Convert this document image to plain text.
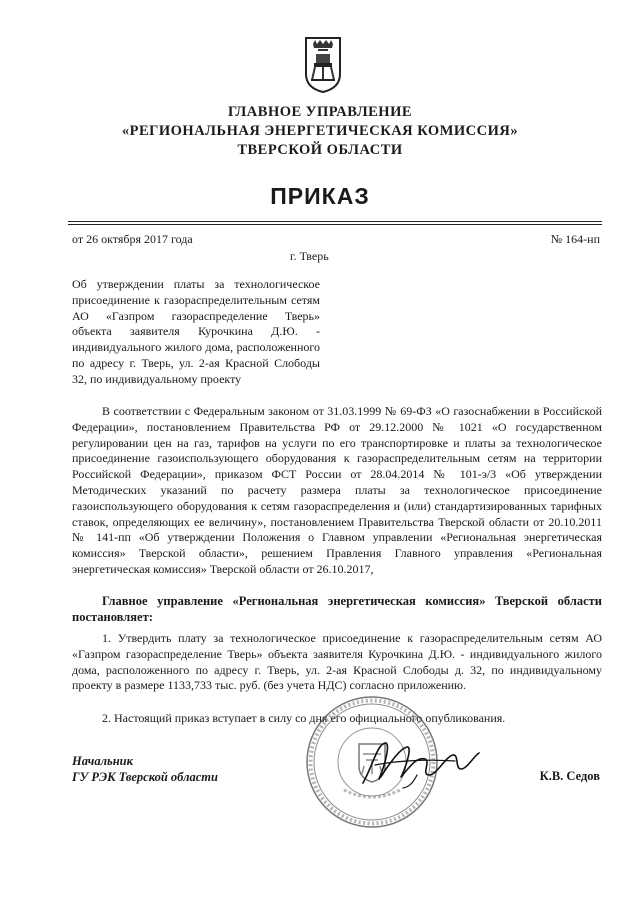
ГЛАВНОЕ УПРАВЛЕНИЕ
«РЕГИОНАЛЬНАЯ ЭНЕРГЕТИЧЕСКАЯ КОМИССИЯ»
ТВЕРСКОЙ ОБЛАСТИ
ПРИКАЗ
от 26 октября 2017 года	№ 164-нп
г. Тверь
Об утверждении платы за технологическое присоединение к газораспределительным сетям АО «Газпром газораспределение Тверь» объекта заявителя Курочкина Д.Ю. - индивидуального жилого дома, расположенного по адресу г. Тверь, ул. 2-ая Красной Слободы 32, по индивидуальному проекту
В соответствии с Федеральным законом от 31.03.1999 № 69-ФЗ «О газоснабжении в Российской Федерации», постановлением Правительства РФ от 29.12.2000 № 1021 «О государственном регулировании цен на газ, тарифов на услуги по его транспортировке и платы за технологическое присоединение газоиспользующего оборудования к газораспределительным сетям на территории Российской Федерации», приказом ФСТ России от 28.04.2014 № 101-э/3 «Об утверждении Методических указаний по расчету размера платы за технологическое присоединение газоиспользующего оборудования к сетям газораспределения и (или) стандартизированных тарифных ставок, определяющих ее величину», постановлением Правительства Тверской области от 20.10.2011 № 141-пп «Об утверждении Положения о Главном управлении «Региональная энергетическая комиссия» Тверской области», решением Правления Главного управления «Региональная энергетическая комиссия» Тверской области от 26.10.2017,
Главное управление «Региональная энергетическая комиссия» Тверской области постановляет:
1. Утвердить плату за технологическое присоединение к газораспределительным сетям АО «Газпром газораспределение Тверь» объекта заявителя Курочкина Д.Ю. - индивидуального жилого дома, расположенного по адресу г. Тверь, ул. 2-ая Красной Слободы д. 32, по индивидуальному проекту в размере 1133,733 тыс. руб. (без учета НДС) согласно приложению.
2. Настоящий приказ вступает в силу со дня его официального опубликования.
Начальник
ГУ РЭК Тверской области	К.В. Седов
